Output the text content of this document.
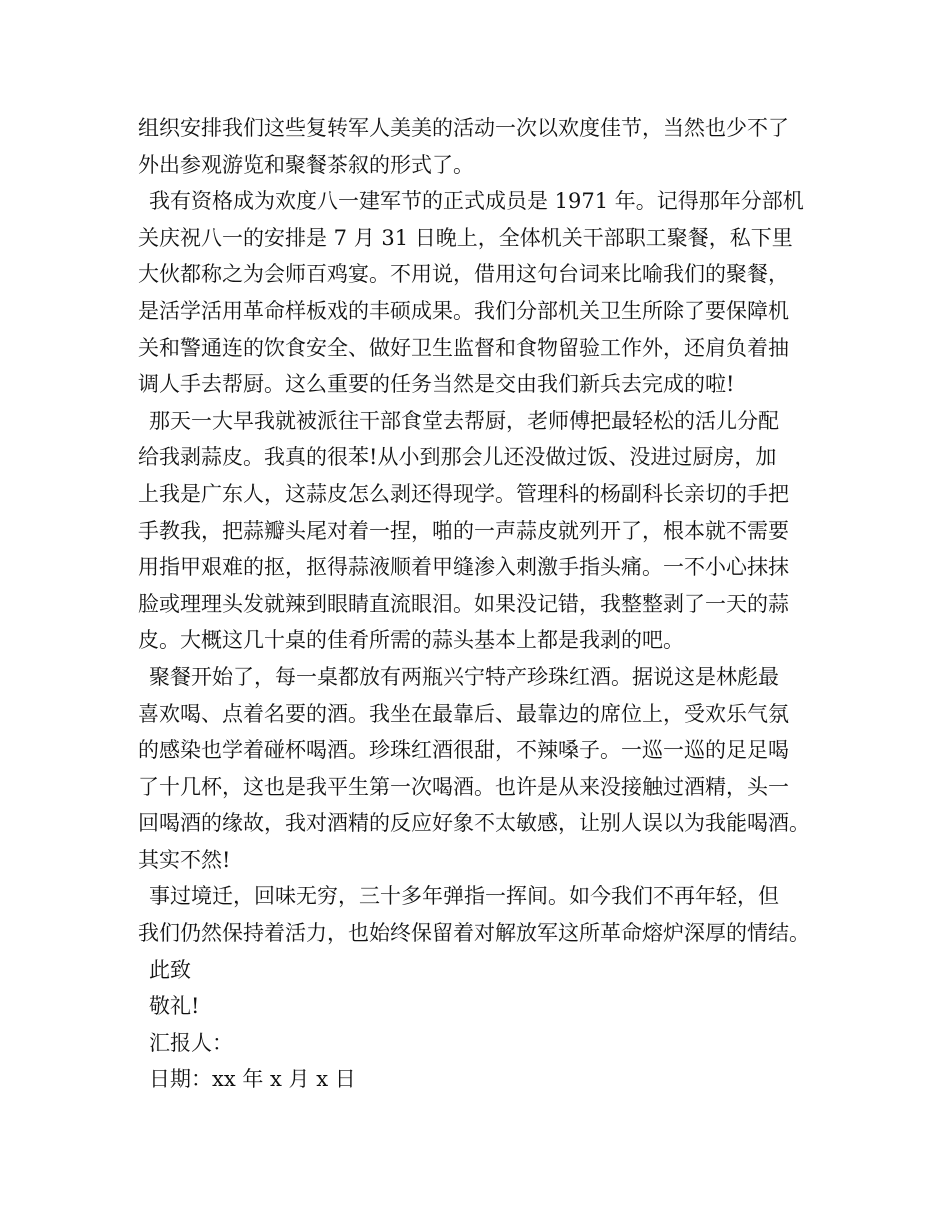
组织安排我们这些复转军人美美的活动一次以欢度佳节，当然也少不了
外出参观游览和聚餐茶叙的形式了。
我有资格成为欢度八一建军节的正式成员是 1971 年。记得那年分部机
关庆祝八一的安排是 7 月 31 日晚上，全体机关干部职工聚餐，私下里
大伙都称之为会师百鸡宴。不用说，借用这句台词来比喻我们的聚餐，
是活学活用革命样板戏的丰硕成果。我们分部机关卫生所除了要保障机
关和警通连的饮食安全、做好卫生监督和食物留验工作外，还肩负着抽
调人手去帮厨。这么重要的任务当然是交由我们新兵去完成的啦!
那天一大早我就被派往干部食堂去帮厨，老师傅把最轻松的活儿分配
给我剥蒜皮。我真的很苯!从小到那会儿还没做过饭、没进过厨房，加
上我是广东人，这蒜皮怎么剥还得现学。管理科的杨副科长亲切的手把
手教我，把蒜瓣头尾对着一捏，啪的一声蒜皮就列开了，根本就不需要
用指甲艰难的抠，抠得蒜液顺着甲缝渗入刺激手指头痛。一不小心抹抹
脸或理理头发就辣到眼睛直流眼泪。如果没记错，我整整剥了一天的蒜
皮。大概这几十桌的佳肴所需的蒜头基本上都是我剥的吧。
聚餐开始了，每一桌都放有两瓶兴宁特产珍珠红酒。据说这是林彪最
喜欢喝、点着名要的酒。我坐在最靠后、最靠边的席位上，受欢乐气氛
的感染也学着碰杯喝酒。珍珠红酒很甜，不辣嗓子。一巡一巡的足足喝
了十几杯，这也是我平生第一次喝酒。也许是从来没接触过酒精，头一
回喝酒的缘故，我对酒精的反应好象不太敏感，让别人误以为我能喝酒。
其实不然!
事过境迁，回味无穷，三十多年弹指一挥间。如今我们不再年轻，但
我们仍然保持着活力，也始终保留着对解放军这所革命熔炉深厚的情结。
此致
敬礼!
汇报人：
日期：xx 年 x 月 x 日
